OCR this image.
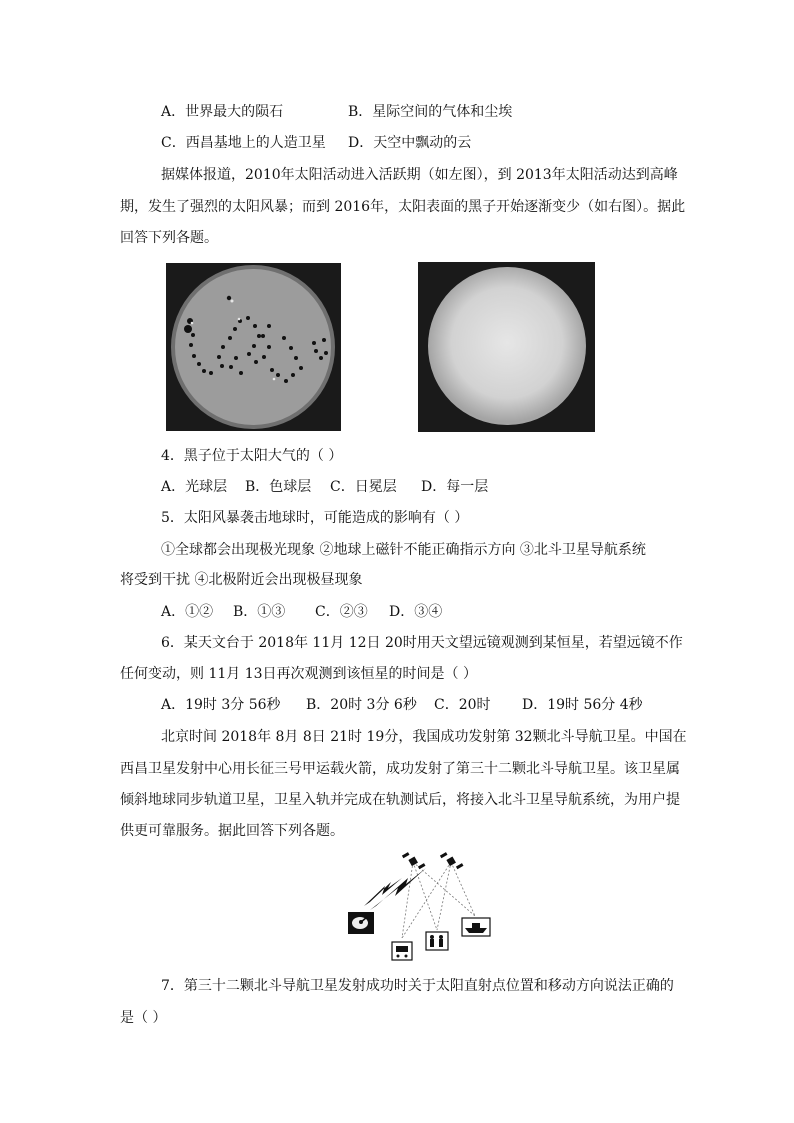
A．世界最大的陨石	B．星际空间的气体和尘埃
C．西昌基地上的人造卫星 D．天空中飘动的云
据媒体报道，2010年太阳活动进入活跃期（如左图），到 2013年太阳活动达到高峰
期，发生了强烈的太阳风暴；而到 2016年，太阳表面的黑子开始逐渐变少（如右图）。据此
回答下列各题。
4．黑子位于太阳大气的（ ）
A．光球层 B．色球层 C．日冕层 D．每一层
5．太阳风暴袭击地球时，可能造成的影响有（ ）
①全球都会出现极光现象 ②地球上磁针不能正确指示方向 ③北斗卫星导航系统
将受到干扰 ④北极附近会出现极昼现象
A．①② B．①③ C．②③ D．③④
6．某天文台于 2018年 11月 12日 20时用天文望远镜观测到某恒星，若望远镜不作
任何变动，则 11月 13日再次观测到该恒星的时间是（ ）
A．19时 3分 56秒 B．20时 3分 6秒 C．20时 D．19时 56分 4秒
北京时间 2018年 8月 8日 21时 19分，我国成功发射第 32颗北斗导航卫星。中国在
西昌卫星发射中心用长征三号甲运载火箭，成功发射了第三十二颗北斗导航卫星。该卫星属
倾斜地球同步轨道卫星，卫星入轨并完成在轨测试后，将接入北斗卫星导航系统，为用户提
供更可靠服务。据此回答下列各题。
7．第三十二颗北斗导航卫星发射成功时关于太阳直射点位置和移动方向说法正确的
是（ ）
